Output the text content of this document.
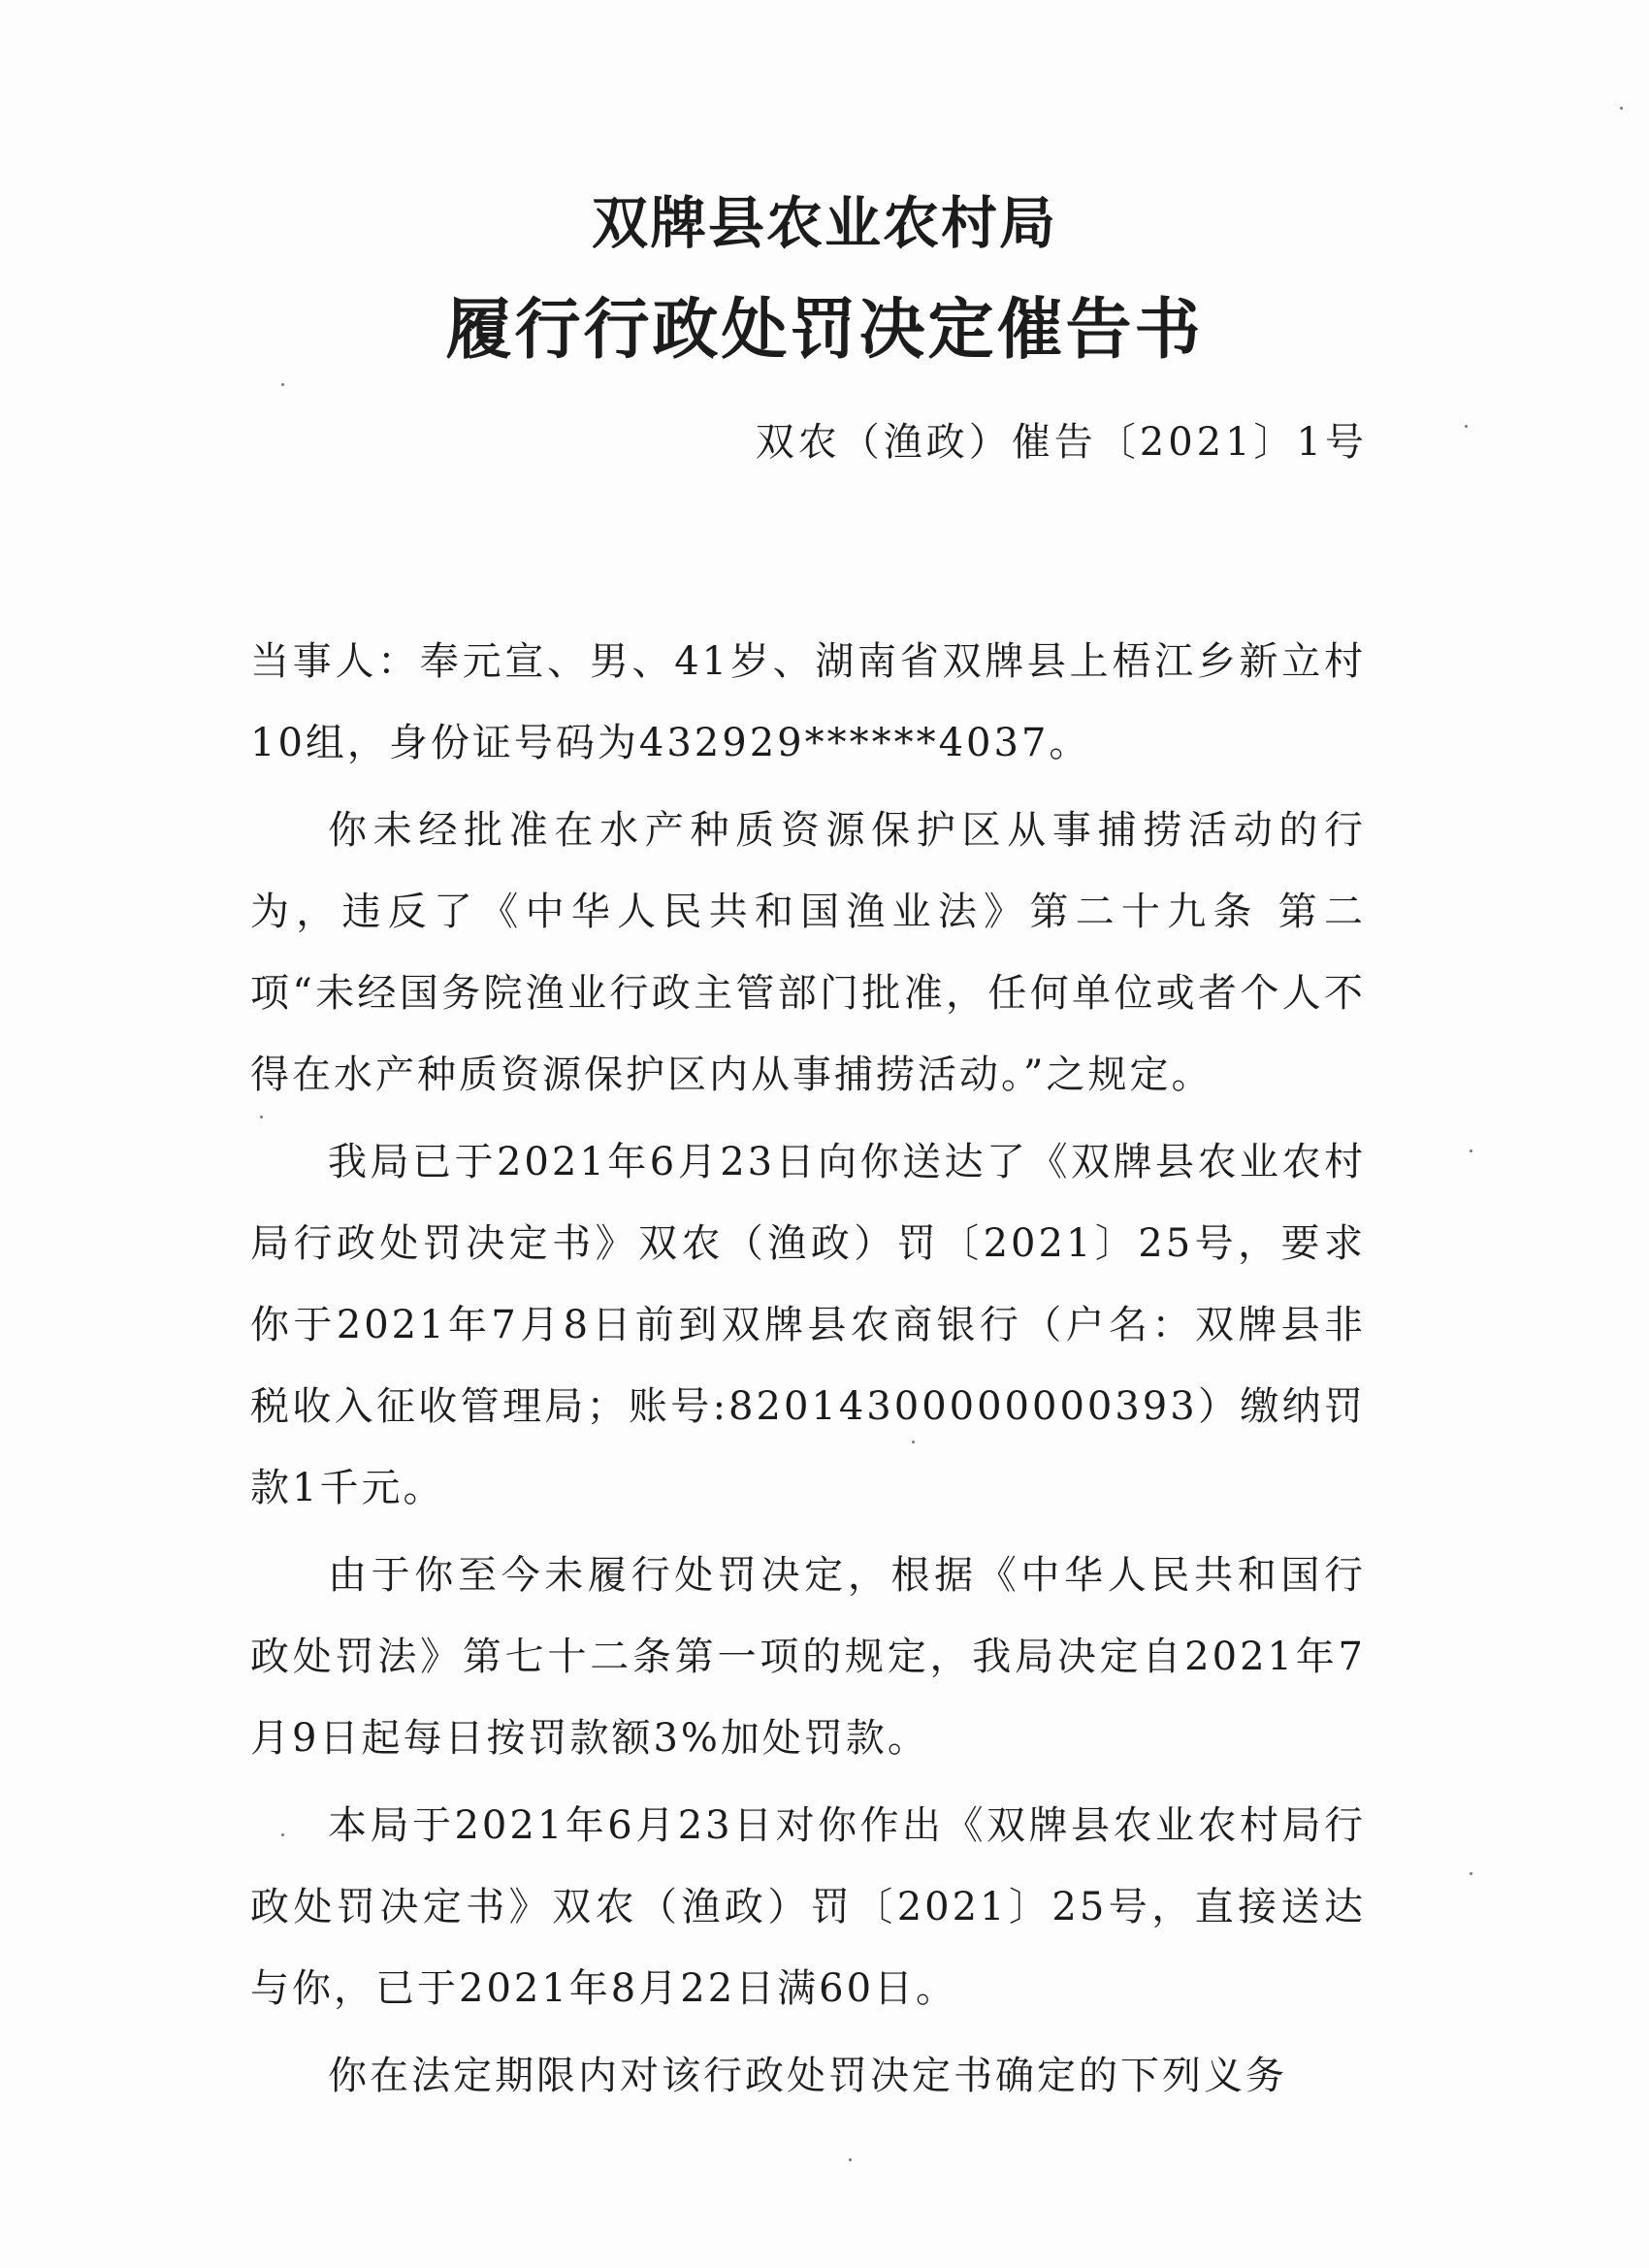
双牌县农业农村局
履行行政处罚决定催告书
双农（渔政）催告〔2021〕1号

当事人：奉元宣、男、41岁、湖南省双牌县上梧江乡新立村10组，身份证号码为432929******4037。

你未经批准在水产种质资源保护区从事捕捞活动的行为，违反了《中华人民共和国渔业法》第二十九条 第二项“未经国务院渔业行政主管部门批准，任何单位或者个人不得在水产种质资源保护区内从事捕捞活动。”之规定。

我局已于2021年6月23日向你送达了《双牌县农业农村局行政处罚决定书》双农（渔政）罚〔2021〕25号，要求你于2021年7月8日前到双牌县农商银行（户名：双牌县非税收入征收管理局；账号:82014300000000393）缴纳罚款1千元。

由于你至今未履行处罚决定，根据《中华人民共和国行政处罚法》第七十二条第一项的规定，我局决定自2021年7月9日起每日按罚款额3%加处罚款。

本局于2021年6月23日对你作出《双牌县农业农村局行政处罚决定书》双农（渔政）罚〔2021〕25号，直接送达与你，已于2021年8月22日满60日。

你在法定期限内对该行政处罚决定书确定的下列义务
